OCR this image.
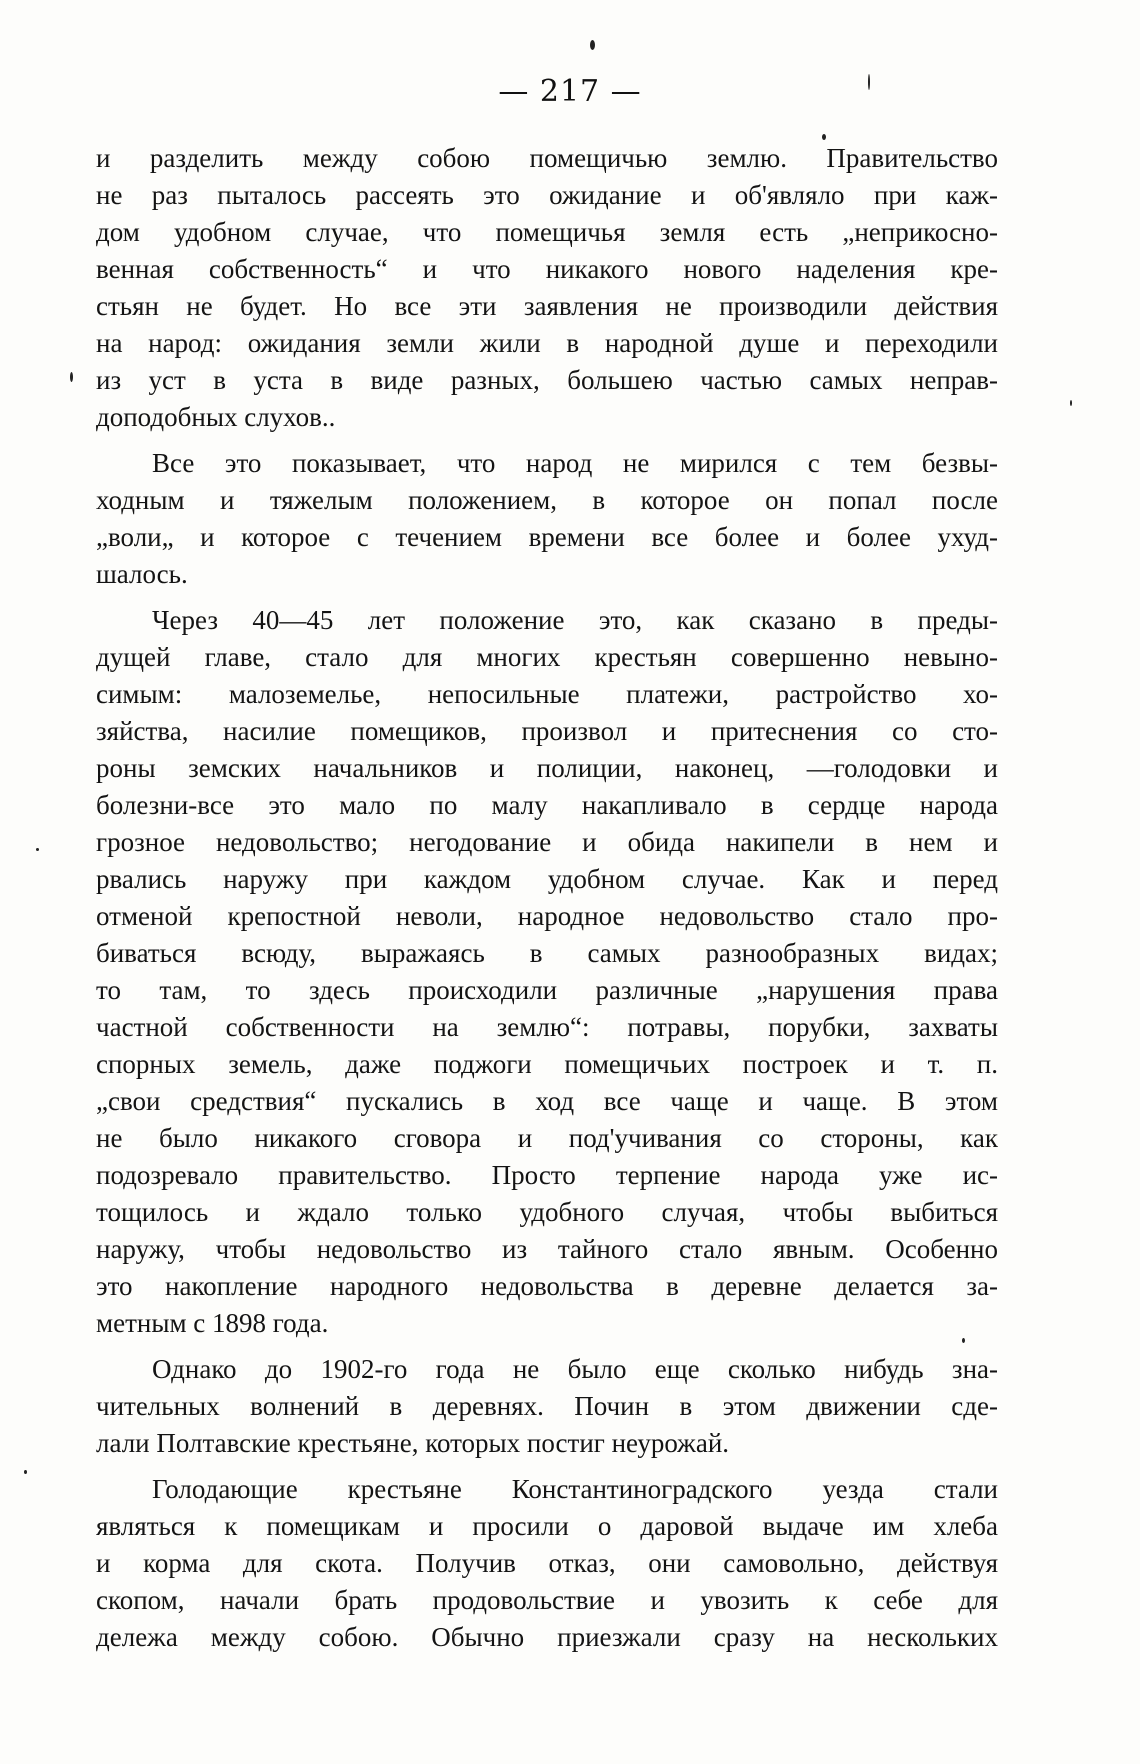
— 217 —
и разделить между собою помещичью землю. Правительство
не раз пыталось рассеять это ожидание и об'являло при каж-
дом удобном случае, что помещичья земля есть „неприкосно-
венная собственность“ и что никакого нового наделения кре-
стьян не будет. Но все эти заявления не производили действия
на народ: ожидания земли жили в народной душе и переходили
из уст в уста в виде разных, большею частью самых неправ-
доподобных слухов..
Все это показывает, что народ не мирился с тем безвы-
ходным и тяжелым положением, в которое он попал после
„воли„ и которое с течением времени все более и более ухуд-
шалось.
Через 40—45 лет положение это, как сказано в преды-
дущей главе, стало для многих крестьян совершенно невыно-
симым: малоземелье, непосильные платежи, растройство хо-
зяйства, насилие помещиков, произвол и притеснения со сто-
роны земских начальников и полиции, наконец, —голодовки и
болезни-все это мало по малу накапливало в сердце народа
грозное недовольство; негодование и обида накипели в нем и
рвались наружу при каждом удобном случае. Как и перед
отменой крепостной неволи, народное недовольство стало про-
биваться всюду, выражаясь в самых разнообразных видах;
то там, то здесь происходили различные „нарушения права
частной собственности на землю“: потравы, порубки, захваты
спорных земель, даже поджоги помещичьих построек и т. п.
„свои средствия“ пускались в ход все чаще и чаще. В этом
не было никакого сговора и под'учивания со стороны, как
подозревало правительство. Просто терпение народа уже ис-
тощилось и ждало только удобного случая, чтобы выбиться
наружу, чтобы недовольство из тайного стало явным. Особенно
это накопление народного недовольства в деревне делается за-
метным с 1898 года.
Однако до 1902-го года не было еще сколько нибудь зна-
чительных волнений в деревнях. Почин в этом движении сде-
лали Полтавские крестьяне, которых постиг неурожай.
Голодающие крестьяне Константиноградского уезда стали
являться к помещикам и просили о даровой выдаче им хлеба
и корма для скота. Получив отказ, они самовольно, действуя
скопом, начали брать продовольствие и увозить к себе для
дележа между собою. Обычно приезжали сразу на нескольких
